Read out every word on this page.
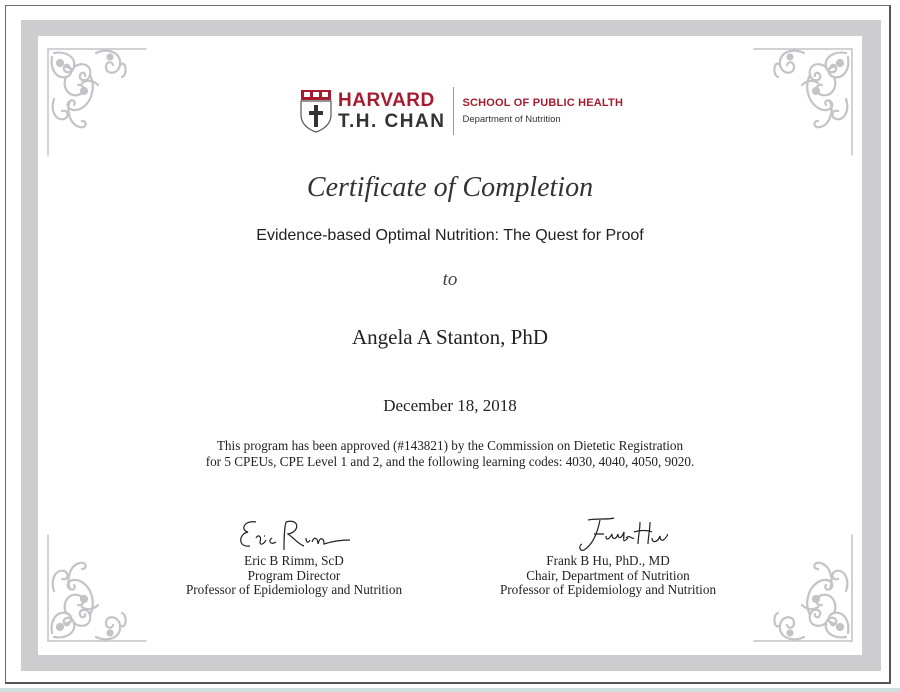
HARVARD
T.H. CHAN
SCHOOL OF PUBLIC HEALTH
Department of Nutrition
Certificate of Completion
Evidence-based Optimal Nutrition: The Quest for Proof
to
Angela A Stanton, PhD
December 18, 2018
This program has been approved (#143821) by the Commission on Dietetic Registration
for 5 CPEUs, CPE Level 1 and 2, and the following learning codes: 4030, 4040, 4050, 9020.
Eric B Rimm, ScD
Program Director
Professor of Epidemiology and Nutrition
Frank B Hu, PhD., MD
Chair, Department of Nutrition
Professor of Epidemiology and Nutrition
